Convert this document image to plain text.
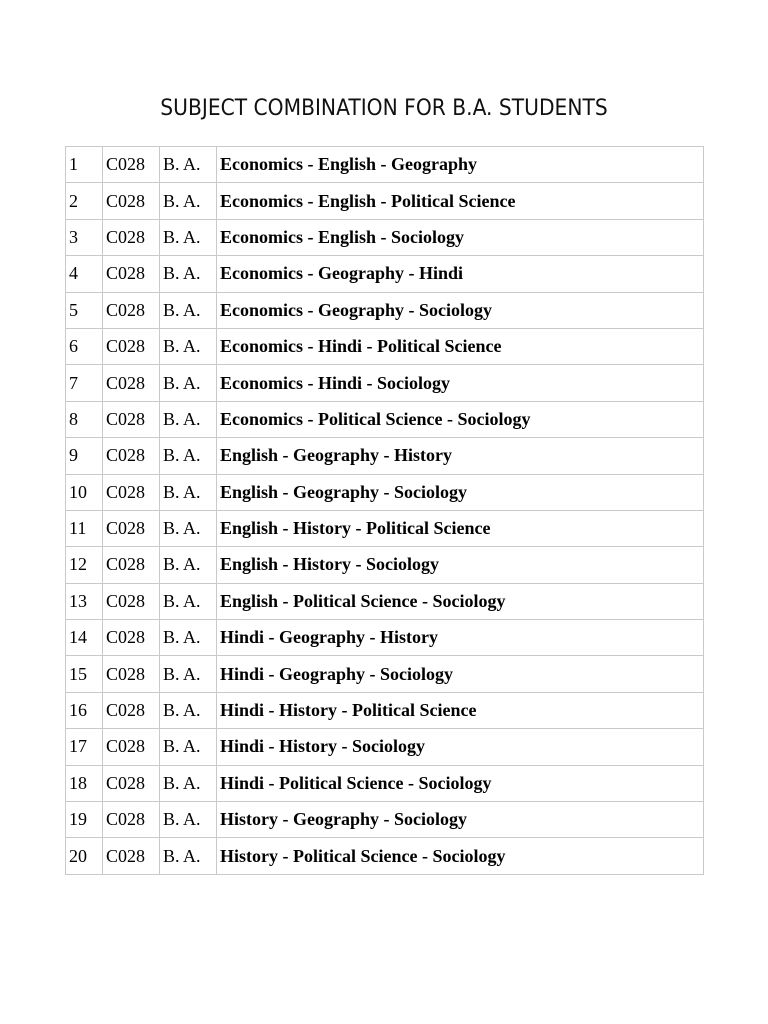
SUBJECT COMBINATION FOR B.A. STUDENTS
1	C028	B. A.	Economics - English - Geography
2	C028	B. A.	Economics - English - Political Science
3	C028	B. A.	Economics - English - Sociology
4	C028	B. A.	Economics - Geography - Hindi
5	C028	B. A.	Economics - Geography - Sociology
6	C028	B. A.	Economics - Hindi - Political Science
7	C028	B. A.	Economics - Hindi - Sociology
8	C028	B. A.	Economics - Political Science - Sociology
9	C028	B. A.	English - Geography - History
10	C028	B. A.	English - Geography - Sociology
11	C028	B. A.	English - History - Political Science
12	C028	B. A.	English - History - Sociology
13	C028	B. A.	English - Political Science - Sociology
14	C028	B. A.	Hindi - Geography - History
15	C028	B. A.	Hindi - Geography - Sociology
16	C028	B. A.	Hindi - History - Political Science
17	C028	B. A.	Hindi - History - Sociology
18	C028	B. A.	Hindi - Political Science - Sociology
19	C028	B. A.	History - Geography - Sociology
20	C028	B. A.	History - Political Science - Sociology
